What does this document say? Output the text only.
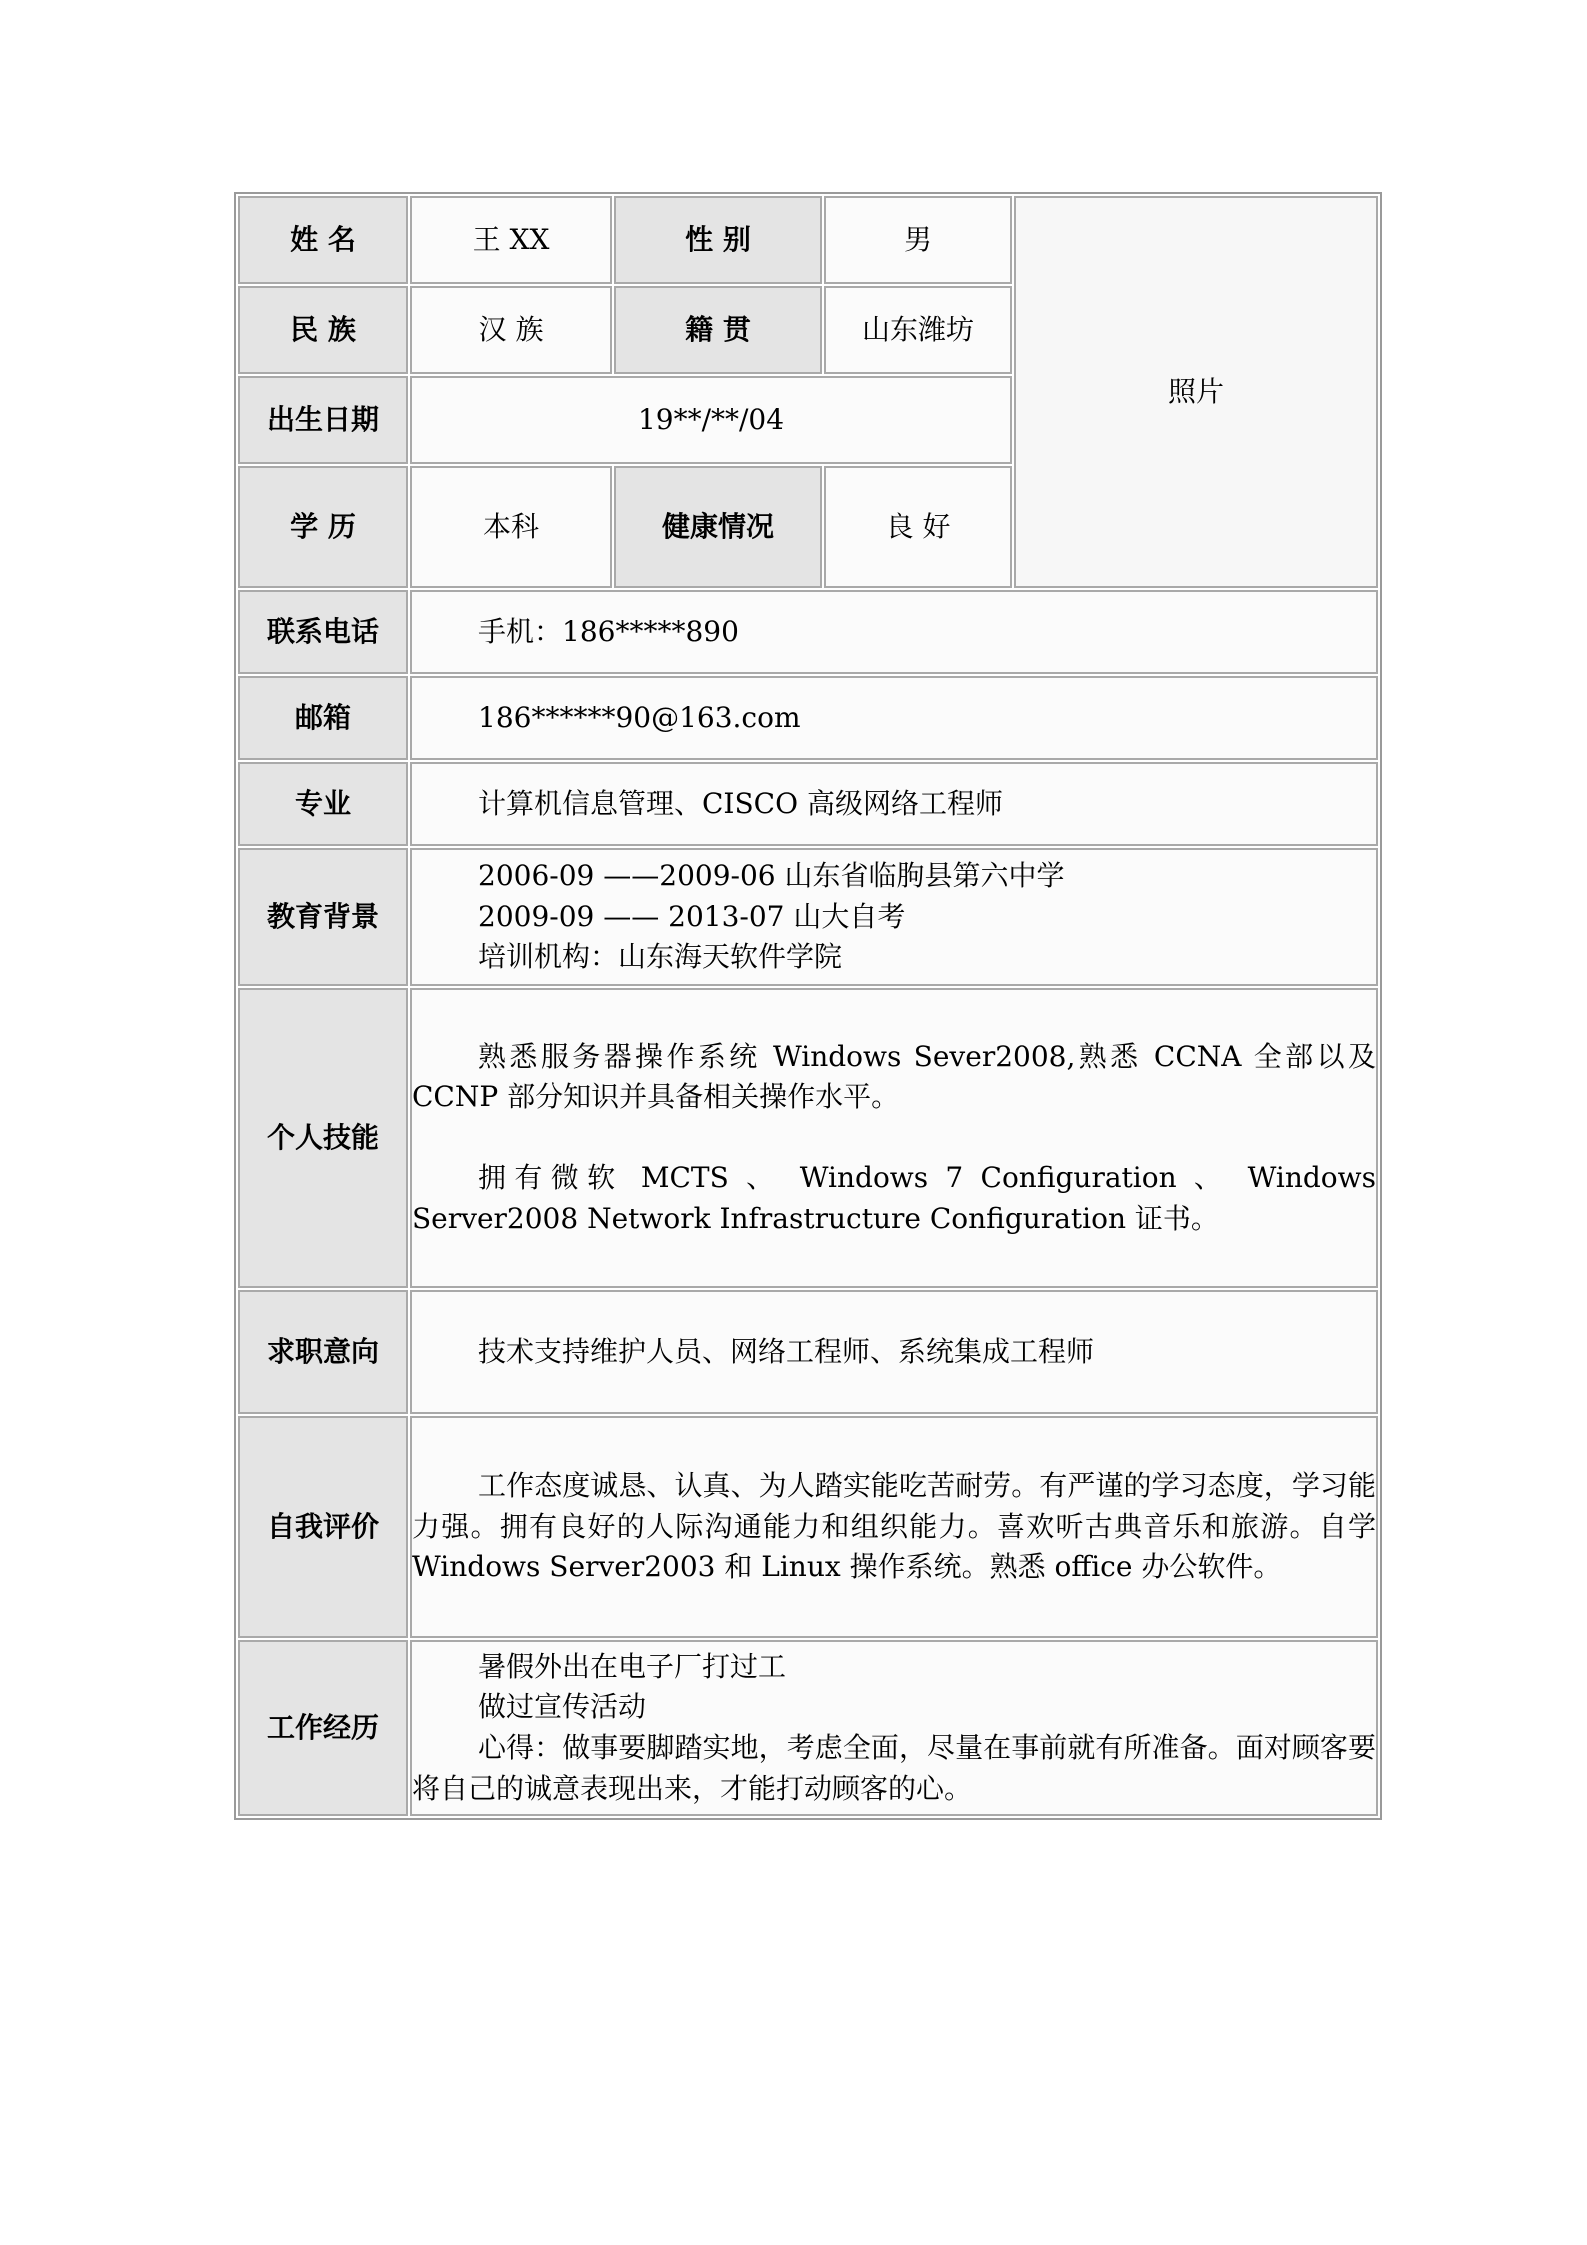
姓 名	王 XX	性 别	男	照片
民 族	汉 族	籍 贯	山东潍坊	
出生日期	19**/**/04			
学 历	本科	健康情况	良 好	
联系电话	手机：186*****890			

邮箱	186******90@163.com			

专业	计算机信息管理、CISCO 高级网络工程师			

教育背景	2006-09 ——2009-06 山东省临朐县第六中学
2009-09 —— 2013-07 山大自考
培训机构：山东海天软件学院			

个人技能	熟悉服务器操作系统 Windows Sever2008,熟悉 CCNA 全部以及 CCNP 部分知识并具备相关操作水平。

拥有微软 MCTS 、 Windows 7 Configuration 、 Windows Server2008 Network Infrastructure Configuration 证书。			

求职意向	技术支持维护人员、网络工程师、系统集成工程师			

自我评价	工作态度诚恳、认真、为人踏实能吃苦耐劳。有严谨的学习态度，学习能力强。拥有良好的人际沟通能力和组织能力。喜欢听古典音乐和旅游。自学 Windows Server2003 和 Linux 操作系统。熟悉 office 办公软件。			

工作经历	暑假外出在电子厂打过工
做过宣传活动

心得：做事要脚踏实地，考虑全面，尽量在事前就有所准备。面对顾客要将自己的诚意表现出来，才能打动顾客的心。			
